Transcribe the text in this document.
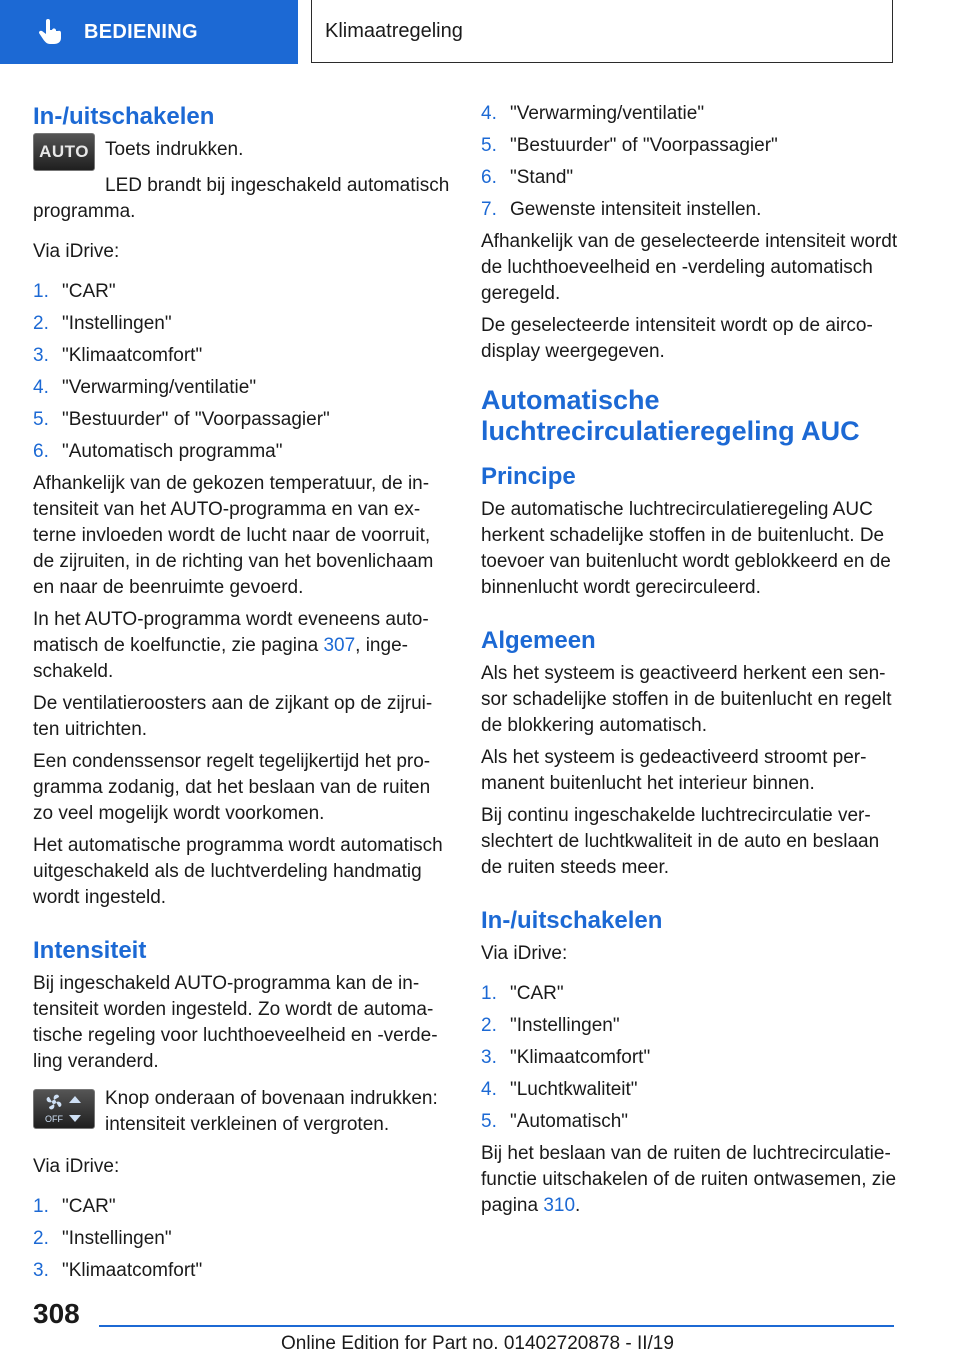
BEDIENING	Klimaatregeling
In-/uitschakelen
AUTO Toets indrukken.

LED brandt bij ingeschakeld automatisch programma.

Via iDrive:

1. "CAR"
2. "Instellingen"
3. "Klimaatcomfort"
4. "Verwarming/ventilatie"
5. "Bestuurder" of "Voorpassagier"
6. "Automatisch programma"

Afhankelijk van de gekozen temperatuur, de intensiteit van het AUTO-programma en van externe invloeden wordt de lucht naar de voorruit, de zijruiten, in de richting van het bovenlichaam en naar de beenruimte gevoerd.

In het AUTO-programma wordt eveneens automatisch de koelfunctie, zie pagina 307, ingeschakeld.

De ventilatieroosters aan de zijkant op de zijruiten uitrichten.

Een condenssensor regelt tegelijkertijd het programma zodanig, dat het beslaan van de ruiten zo veel mogelijk wordt voorkomen.

Het automatische programma wordt automatisch uitgeschakeld als de luchtverdeling handmatig wordt ingesteld.

Intensiteit

Bij ingeschakeld AUTO-programma kan de intensiteit worden ingesteld. Zo wordt de automatische regeling voor luchthoeveelheid en -verdeling veranderd.

OFF

Knop onderaan of bovenaan indrukken: intensiteit verkleinen of vergroten.

Via iDrive:

1. "CAR"
2. "Instellingen"
3. "Klimaatcomfort"
4. "Verwarming/ventilatie"
5. "Bestuurder" of "Voorpassagier"
6. "Stand"
7. Gewenste intensiteit instellen.

Afhankelijk van de geselecteerde intensiteit wordt de luchthoeveelheid en -verdeling automatisch geregeld.

De geselecteerde intensiteit wordt op de airco-display weergegeven.

Automatische luchtrecirculatieregeling AUC
Principe

De automatische luchtrecirculatieregeling AUC herkent schadelijke stoffen in de buitenlucht. De toevoer van buitenlucht wordt geblokkeerd en de binnenlucht wordt gerecirculeerd.

Algemeen

Als het systeem is geactiveerd herkent een sensor schadelijke stoffen in de buitenlucht en regelt de blokkering automatisch.

Als het systeem is gedeactiveerd stroomt permanent buitenlucht het interieur binnen.

Bij continu ingeschakelde luchtrecirculatie verslechtert de luchtkwaliteit in de auto en beslaan de ruiten steeds meer.

In-/uitschakelen

Via iDrive:

1. "CAR"
2. "Instellingen"
3. "Klimaatcomfort"
4. "Luchtkwaliteit"
5. "Automatisch"

Bij het beslaan van de ruiten de luchtrecirculatiefunctie uitschakelen of de ruiten ontwasemen, zie pagina 310.

308
Online Edition for Part no. 01402720878 - II/19
